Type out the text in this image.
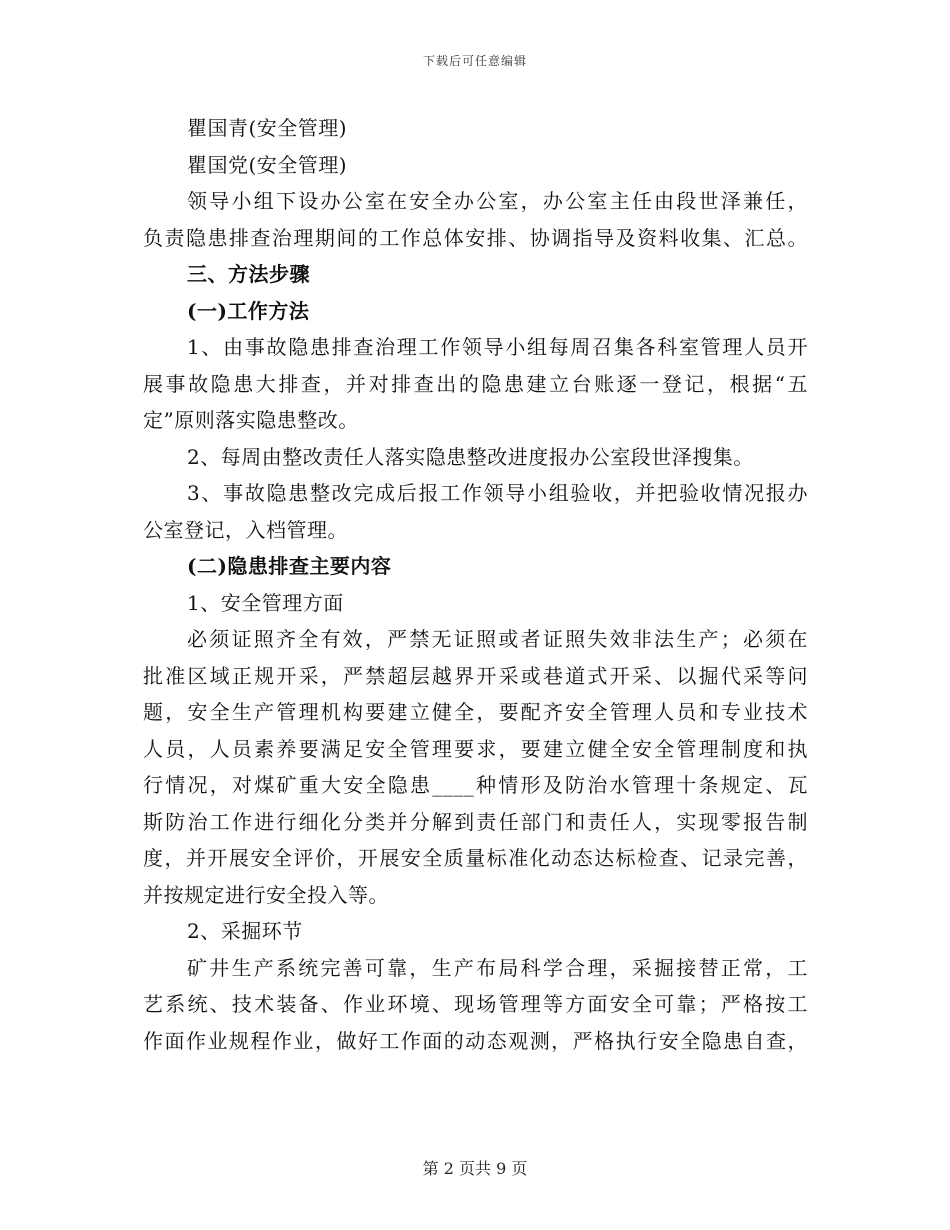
下载后可任意编辑
瞿国青(安全管理)
瞿国党(安全管理)
领导小组下设办公室在安全办公室，办公室主任由段世泽兼任，
负责隐患排查治理期间的工作总体安排、协调指导及资料收集、汇总。
三、方法步骤
(一)工作方法
1、由事故隐患排查治理工作领导小组每周召集各科室管理人员开
展事故隐患大排查，并对排查出的隐患建立台账逐一登记，根据“五
定”原则落实隐患整改。
2、每周由整改责任人落实隐患整改进度报办公室段世泽搜集。
3、事故隐患整改完成后报工作领导小组验收，并把验收情况报办
公室登记，入档管理。
(二)隐患排查主要内容
1、安全管理方面
必须证照齐全有效，严禁无证照或者证照失效非法生产；必须在
批准区域正规开采，严禁超层越界开采或巷道式开采、以掘代采等问
题，安全生产管理机构要建立健全，要配齐安全管理人员和专业技术
人员，人员素养要满足安全管理要求，要建立健全安全管理制度和执
行情况，对煤矿重大安全隐患____种情形及防治水管理十条规定、瓦
斯防治工作进行细化分类并分解到责任部门和责任人，实现零报告制
度，并开展安全评价，开展安全质量标准化动态达标检查、记录完善，
并按规定进行安全投入等。
2、采掘环节
矿井生产系统完善可靠，生产布局科学合理，采掘接替正常，工
艺系统、技术装备、作业环境、现场管理等方面安全可靠；严格按工
作面作业规程作业，做好工作面的动态观测，严格执行安全隐患自查，
第 2 页共 9 页
